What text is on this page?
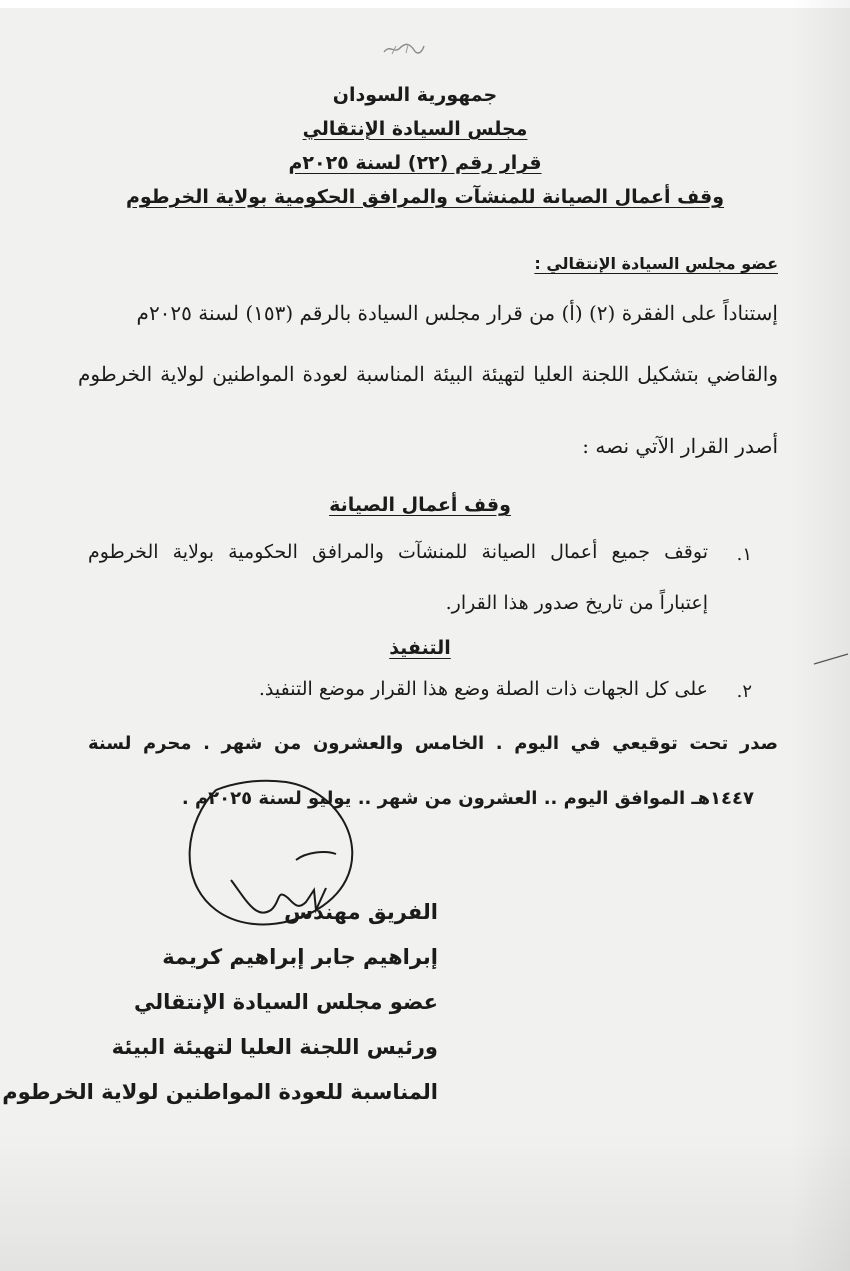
جمهورية السودان
مجلس السيادة الإنتقالي
قرار رقم (٢٢) لسنة ٢٠٢٥م
وقف أعمال الصيانة للمنشآت والمرافق الحكومية بولاية الخرطوم
عضو مجلس السيادة الإنتقالي :
إستناداً على الفقرة (٢) (أ) من قرار مجلس السيادة بالرقم (١٥٣) لسنة ٢٠٢٥م
والقاضي بتشكيل اللجنة العليا لتهيئة البيئة المناسبة لعودة المواطنين لولاية الخرطوم
أصدر القرار الآتي نصه :
وقف أعمال الصيانة
١.
توقف جميع أعمال الصيانة للمنشآت والمرافق الحكومية بولاية الخرطوم
إعتباراً من تاريخ صدور هذا القرار.
التنفيذ
٢.
على كل الجهات ذات الصلة وضع هذا القرار موضع التنفيذ.
صدر تحت توقيعي في اليوم . الخامس والعشرون من شهر . محرم لسنة
١٤٤٧هـ الموافق اليوم .. العشرون من شهر .. يوليو لسنة ٢٠٢٥م .
الفريق مهندس
إبراهيم جابر إبراهيم كريمة
عضو مجلس السيادة الإنتقالي
ورئيس اللجنة العليا لتهيئة البيئة
المناسبة للعودة المواطنين لولاية الخرطوم
